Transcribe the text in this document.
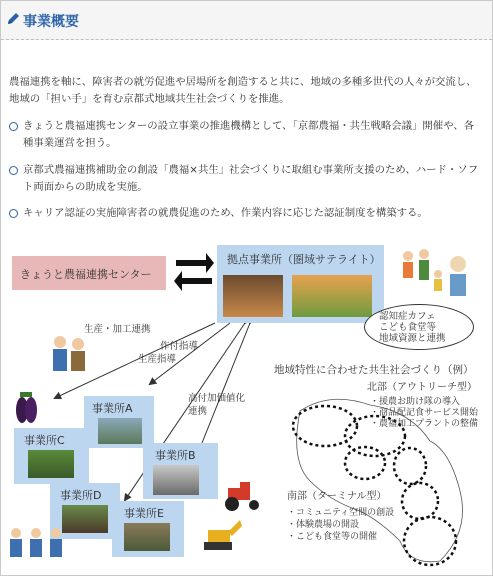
事業概要
農福連携を軸に、障害者の就労促進や居場所を創造すると共に、地域の多種多世代の人々が交流し、地域の「担い手」を育む京都式地域共生社会づくりを推進。
きょうと農福連携センターの設立事業の推進機構として、「京都農福・共生戦略会議」開催や、各種事業運営を担う。
京都式農福連携補助金の創設「農福×共生」社会づくりに取組む事業所支援のため、ハード・ソフト両面からの助成を実施。
キャリア認証の実施障害者の就農促進のため、作業内容に応じた認証制度を構築する。
きょうと農福連携センター
拠点事業所（圏域サテライト）
認知症カフェ
こども食堂等
地域資源と連携
生産・加工連携
作付指導
生産指導
高付加価値化
連携
事業所A
事業所B
事業所C
事業所D
事業所E
地域特性に合わせた共生社会づくり（例）
北部（アウトリーチ型）
・援農お助け隊の導入
・商品配記食サービス開始
・農福加工プラントの整備
南部（ターミナル型）
・コミュニティ空間の創設
・体験農場の開設
・こども食堂等の開催
